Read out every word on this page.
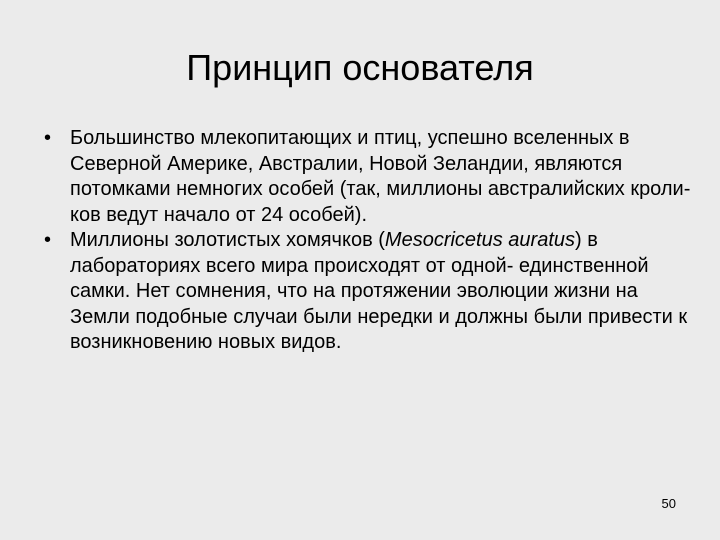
Принцип основателя
• Большинство млекопитающих и птиц, успешно вселенных в Северной Америке, Австралии, Новой Зеландии, являются потомками немногих особей (так, миллионы австралийских кроли-ков ведут начало от 24 особей).
• Миллионы золотистых хомячков (Mesocricetus auratus) в лабораториях всего мира происходят от одной- единственной самки. Нет сомнения, что на протяжении эволюции жизни на Земли подобные случаи были нередки и должны были привести к возникновению новых видов.
50
